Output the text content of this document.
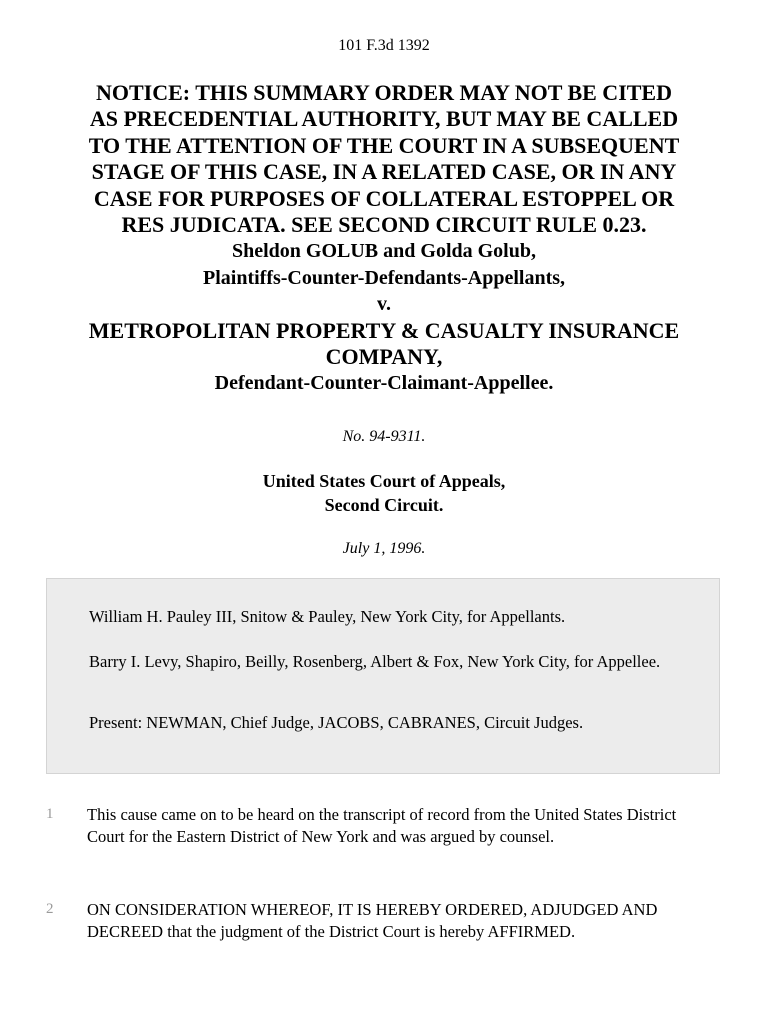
101 F.3d 1392
NOTICE: THIS SUMMARY ORDER MAY NOT BE CITED
AS PRECEDENTIAL AUTHORITY, BUT MAY BE CALLED
TO THE ATTENTION OF THE COURT IN A SUBSEQUENT
STAGE OF THIS CASE, IN A RELATED CASE, OR IN ANY
CASE FOR PURPOSES OF COLLATERAL ESTOPPEL OR
RES JUDICATA. SEE SECOND CIRCUIT RULE 0.23.
Sheldon GOLUB and Golda Golub,
Plaintiffs-Counter-Defendants-Appellants,
v.
METROPOLITAN PROPERTY & CASUALTY INSURANCE
COMPANY,
Defendant-Counter-Claimant-Appellee.
No. 94-9311.
United States Court of Appeals,
Second Circuit.
July 1, 1996.

William H. Pauley III, Snitow & Pauley, New York City, for Appellants.

Barry I. Levy, Shapiro, Beilly, Rosenberg, Albert & Fox, New York City, for Appellee.

Present: NEWMAN, Chief Judge, JACOBS, CABRANES, Circuit Judges.

1	This cause came on to be heard on the transcript of record from the United States District Court for the Eastern District of New York and was argued by counsel.
2	ON CONSIDERATION WHEREOF, IT IS HEREBY ORDERED, ADJUDGED AND DECREED that the judgment of the District Court is hereby AFFIRMED.
